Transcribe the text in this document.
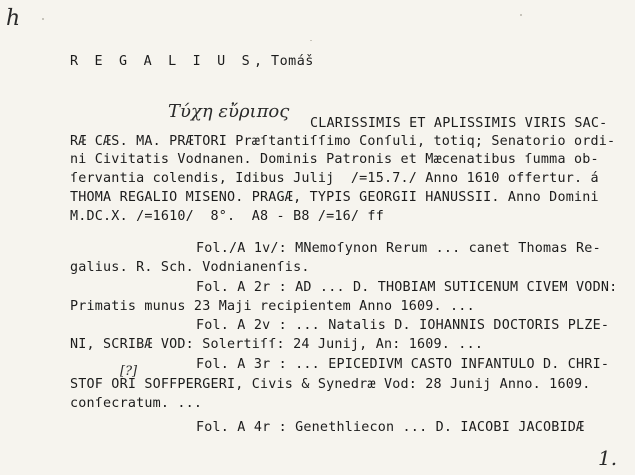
h
R E G A L I U S, Tomáš
Τύχη εὔριπος
CLARISSIMIS ET APLISSIMIS VIRIS SAC-
RÆ CÆS. MA. PRÆTORI Præſtantiſſimo Conſuli, totiq; Senatorio ordi-
ni Civitatis Vodnanen. Dominis Patronis et Mæcenatibus ſumma ob-
ſervantia colendis, Idibus Julij  /=15.7./ Anno 1610 offertur. á
THOMA REGALIO MISENO. PRAGÆ, TYPIS GEORGII HANUSSII. Anno Domini
M.DC.X. /=1610/  8°.  A8 - B8 /=16/ ff
Fol./A 1v/: MNemoſynon Rerum ... canet Thomas Re-
galius. R. Sch. Vodnianenſis.
Fol. A 2r : AD ... D. THOBIAM SUTICENUM CIVEM VODN:
Primatis munus 23 Maji recipientem Anno 1609. ...
Fol. A 2v : ... Natalis D. IOHANNIS DOCTORIS PLZE-
NI, SCRIBÆ VOD: Solertiſſ: 24 Junij, An: 1609. ...
[?]	Fol. A 3r : ... EPICEDIVM CASTO INFANTULO D. CHRI-
STOF ORI SOFFPERGERI, Civis & Synedræ Vod: 28 Junij Anno. 1609.
conſecratum. ...
Fol. A 4r : Genethliecon ... D. IACOBI JACOBIDÆ
1.
